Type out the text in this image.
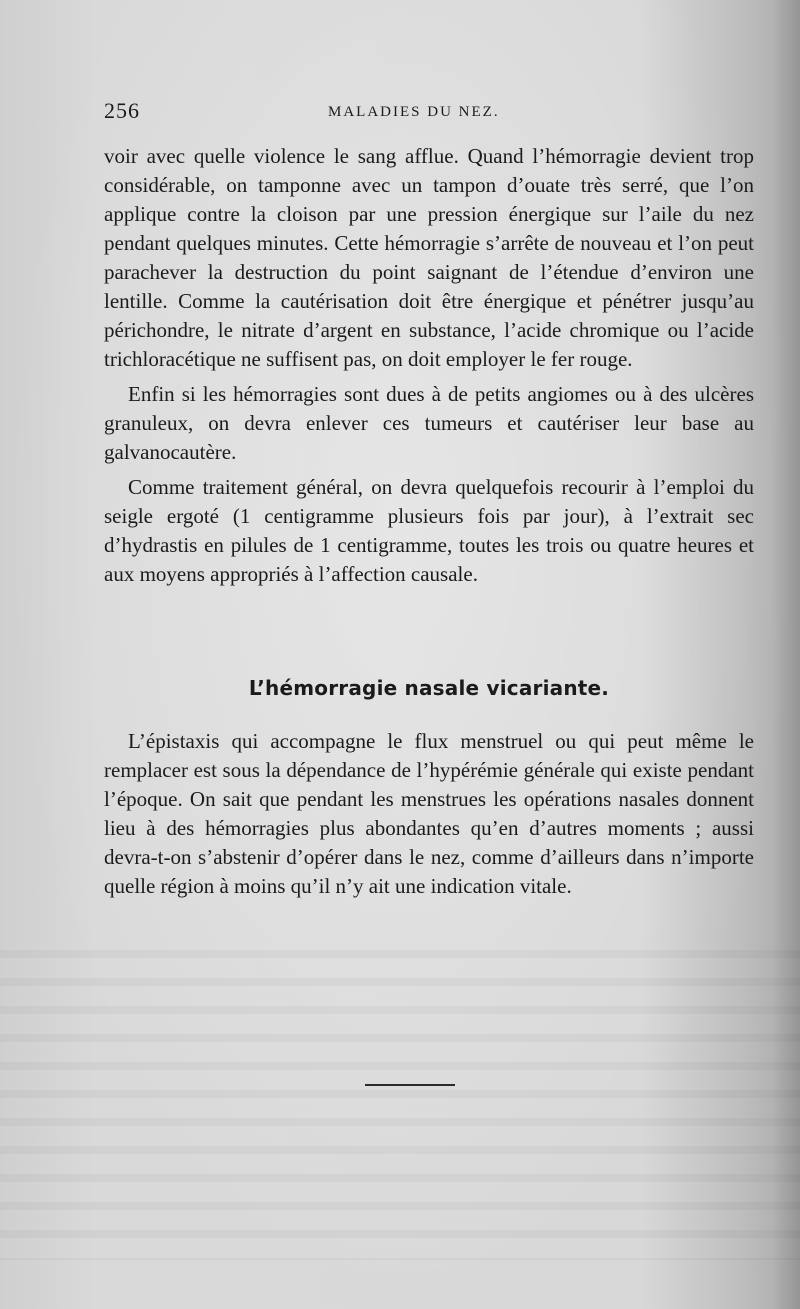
256	MALADIES DU NEZ.

voir avec quelle violence le sang afflue. Quand l’hémorragie devient trop considérable, on tamponne avec un tampon d’ouate très serré, que l’on applique contre la cloison par une pression énergique sur l’aile du nez pendant quelques minutes. Cette hémorragie s’arrête de nouveau et l’on peut parachever la destruction du point saignant de l’étendue d’environ une lentille. Comme la cautérisation doit être énergique et pénétrer jusqu’au périchondre, le nitrate d’argent en substance, l’acide chromique ou l’acide trichloracétique ne suffisent pas, on doit employer le fer rouge.

Enfin si les hémorragies sont dues à de petits angiomes ou à des ulcères granuleux, on devra enlever ces tumeurs et cautériser leur base au galvanocautère.

Comme traitement général, on devra quelquefois recourir à l’emploi du seigle ergoté (1 centigramme plusieurs fois par jour), à l’extrait sec d’hydrastis en pilules de 1 centigramme, toutes les trois ou quatre heures et aux moyens appropriés à l’affection causale.

L’hémorragie nasale vicariante.

L’épistaxis qui accompagne le flux menstruel ou qui peut même le remplacer est sous la dépendance de l’hypérémie générale qui existe pendant l’époque. On sait que pendant les menstrues les opérations nasales donnent lieu à des hémorragies plus abondantes qu’en d’autres moments ; aussi devra-t-on s’abstenir d’opérer dans le nez, comme d’ailleurs dans n’importe quelle région à moins qu’il n’y ait une indication vitale.
